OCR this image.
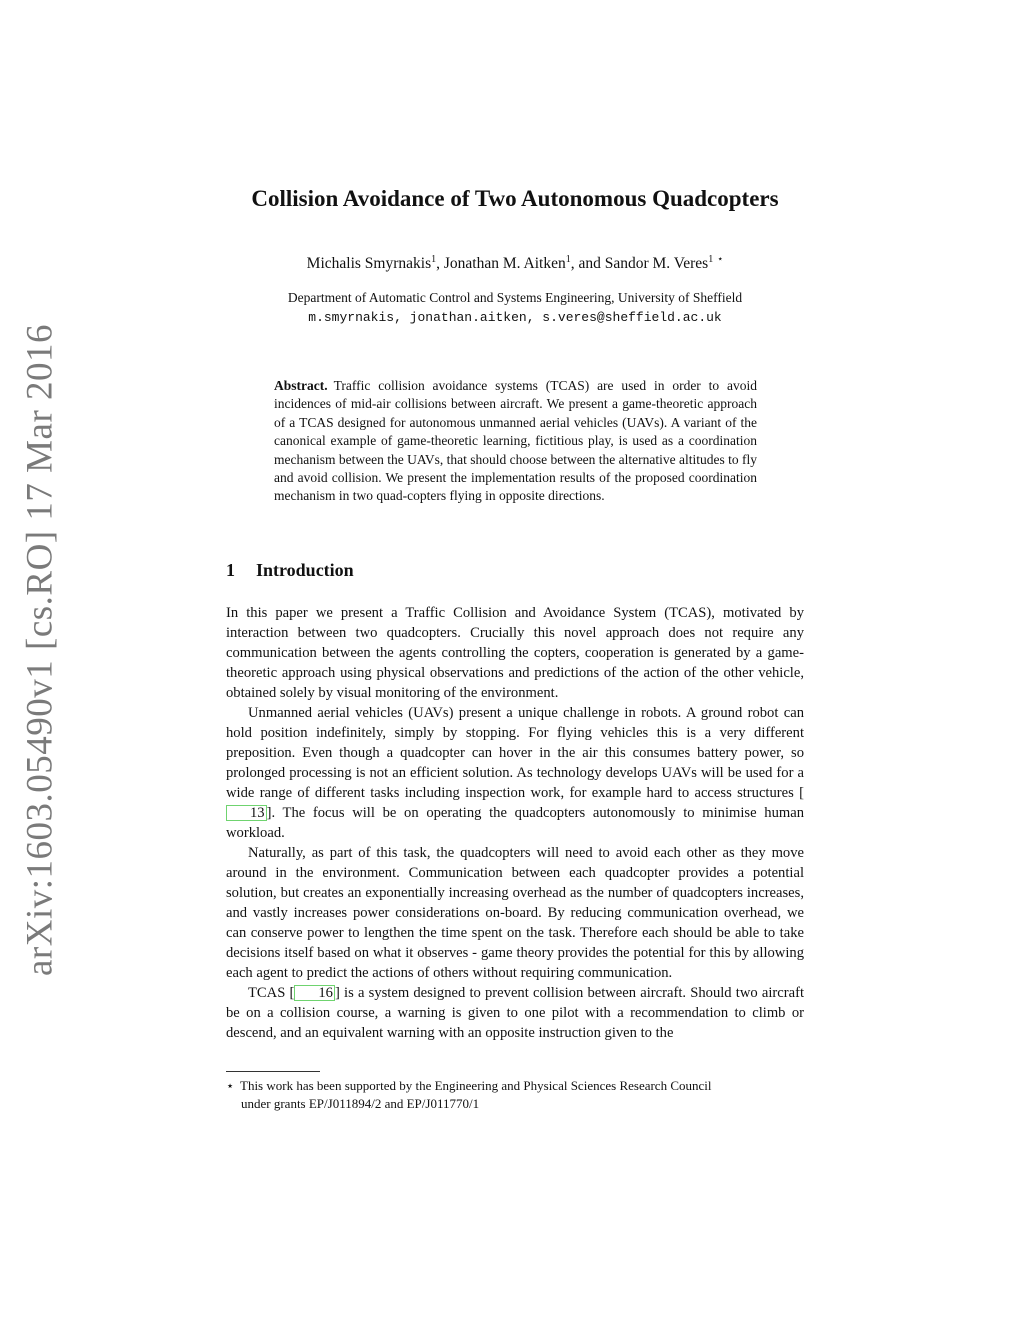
arXiv:1603.05490v1 [cs.RO] 17 Mar 2016
Collision Avoidance of Two Autonomous Quadcopters
Michalis Smyrnakis$^1$, Jonathan M. Aitken$^1$, and Sandor M. Veres$^1$ ⋆
Department of Automatic Control and Systems Engineering, University of Sheffield
m.smyrnakis, jonathan.aitken, s.veres@sheffield.ac.uk
Abstract. Traffic collision avoidance systems (TCAS) are used in order to avoid incidences of mid-air collisions between aircraft. We present a game-theoretic approach of a TCAS designed for autonomous unmanned aerial vehicles (UAVs). A variant of the canonical example of game-theoretic learning, fictitious play, is used as a coordination mechanism between the UAVs, that should choose between the alternative altitudes to fly and avoid collision. We present the implementation results of the proposed coordination mechanism in two quad-copters flying in opposite directions.
1 Introduction

In this paper we present a Traffic Collision and Avoidance System (TCAS), motivated by interaction between two quadcopters. Crucially this novel approach does not require any communication between the agents controlling the copters, cooperation is generated by a game-theoretic approach using physical observations and predictions of the action of the other vehicle, obtained solely by visual monitoring of the environment.

Unmanned aerial vehicles (UAVs) present a unique challenge in robots. A ground robot can hold position indefinitely, simply by stopping. For flying vehicles this is a very different preposition. Even though a quadcopter can hover in the air this consumes battery power, so prolonged processing is not an efficient solution. As technology develops UAVs will be used for a wide range of different tasks including inspection work, for example hard to access structures [13 ]. The focus will be on operating the quadcopters autonomously to minimise human workload.

Naturally, as part of this task, the quadcopters will need to avoid each other as they move around in the environment. Communication between each quadcopter provides a potential solution, but creates an exponentially increasing overhead as the number of quadcopters increases, and vastly increases power considerations on-board. By reducing communication overhead, we can conserve power to lengthen the time spent on the task. Therefore each should be able to take decisions itself based on what it observes - game theory provides the potential for this by allowing each agent to predict the actions of others without requiring communication.

TCAS [ 16 ] is a system designed to prevent collision between aircraft. Should two aircraft be on a collision course, a warning is given to one pilot with a recommendation to climb or descend, and an equivalent warning with an opposite instruction given to the

⋆ This work has been supported by the Engineering and Physical Sciences Research Council
under grants EP/J011894/2 and EP/J011770/1
